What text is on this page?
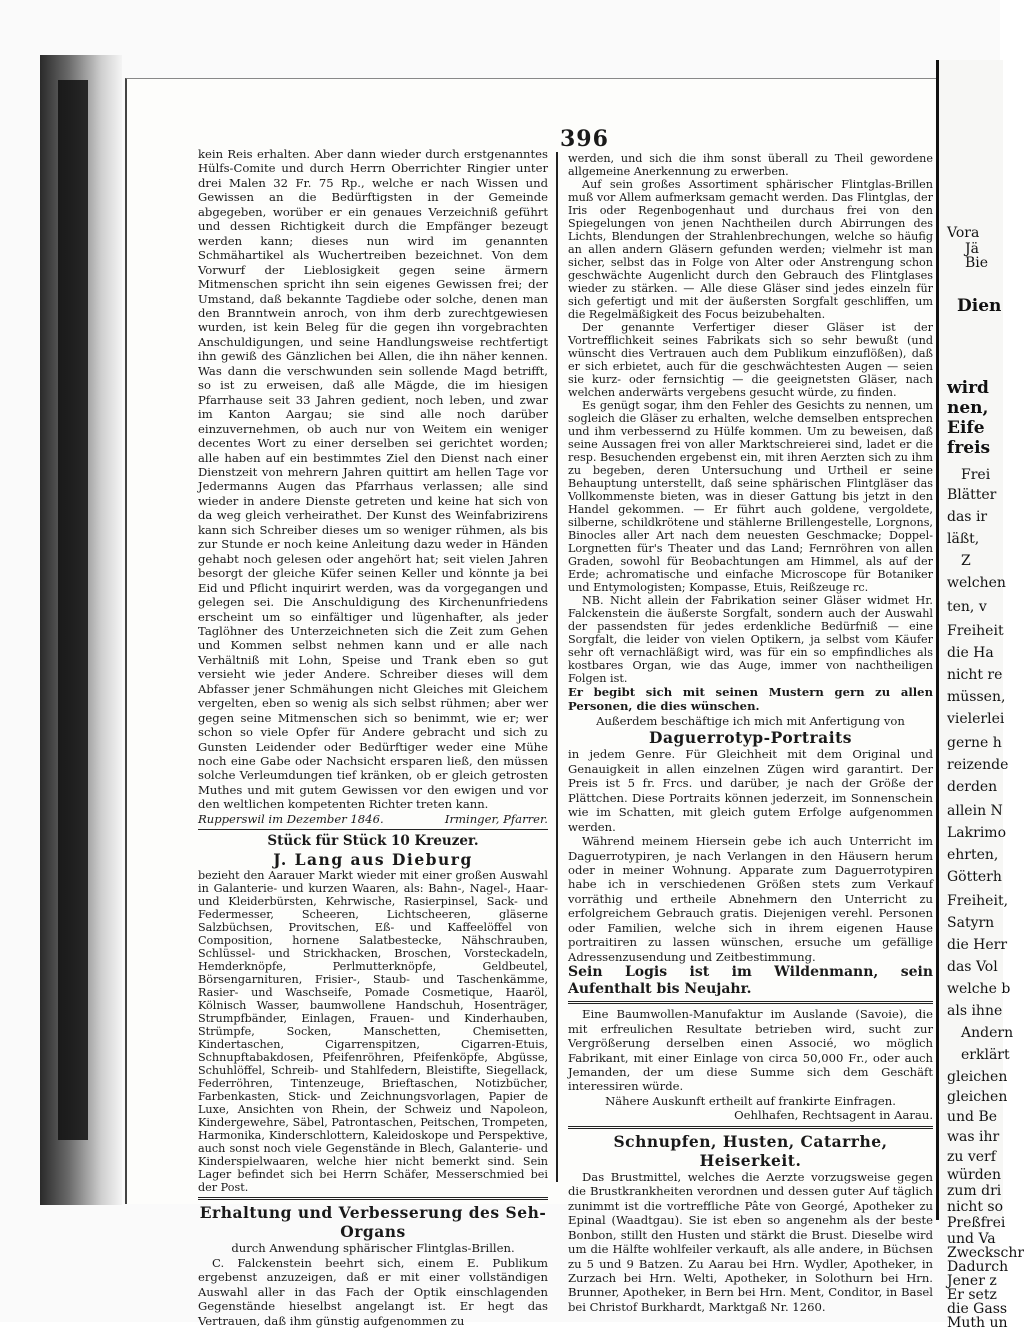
396

kein Reis erhalten. Aber dann wieder durch erstgenanntes Hülfs-Comite und durch Herrn Oberrichter Ringier unter drei Malen 32 Fr. 75 Rp., welche er nach Wissen und Gewissen an die Bedürftigsten in der Gemeinde abgegeben, worüber er ein genaues Verzeichniß geführt und dessen Richtigkeit durch die Empfänger bezeugt werden kann; dieses nun wird im genannten Schmähartikel als Wuchertreiben bezeichnet. Von dem Vorwurf der Lieblosigkeit gegen seine ärmern Mitmenschen spricht ihn sein eigenes Gewissen frei; der Umstand, daß bekannte Tagdiebe oder solche, denen man den Branntwein anroch, von ihm derb zurechtgewiesen wurden, ist kein Beleg für die gegen ihn vorgebrachten Anschuldigungen, und seine Handlungsweise rechtfertigt ihn gewiß des Gänzlichen bei Allen, die ihn näher kennen. Was dann die verschwunden sein sollende Magd betrifft, so ist zu erweisen, daß alle Mägde, die im hiesigen Pfarrhause seit 33 Jahren gedient, noch leben, und zwar im Kanton Aargau; sie sind alle noch darüber einzuvernehmen, ob auch nur von Weitem ein weniger decentes Wort zu einer derselben sei gerichtet worden; alle haben auf ein bestimmtes Ziel den Dienst nach einer Dienstzeit von mehrern Jahren quittirt am hellen Tage vor Jedermanns Augen das Pfarrhaus verlassen; alle sind wieder in andere Dienste getreten und keine hat sich von da weg gleich verheirathet. Der Kunst des Weinfabrizirens kann sich Schreiber dieses um so weniger rühmen, als bis zur Stunde er noch keine Anleitung dazu weder in Händen gehabt noch gelesen oder angehört hat; seit vielen Jahren besorgt der gleiche Küfer seinen Keller und könnte ja bei Eid und Pflicht inquirirt werden, was da vorgegangen und gelegen sei. Die Anschuldigung des Kirchenunfriedens erscheint um so einfältiger und lügenhafter, als jeder Taglöhner des Unterzeichneten sich die Zeit zum Gehen und Kommen selbst nehmen kann und er alle nach Verhältniß mit Lohn, Speise und Trank eben so gut versieht wie jeder Andere. Schreiber dieses will dem Abfasser jener Schmähungen nicht Gleiches mit Gleichem vergelten, eben so wenig als sich selbst rühmen; aber wer gegen seine Mitmenschen sich so benimmt, wie er; wer schon so viele Opfer für Andere gebracht und sich zu Gunsten Leidender oder Bedürftiger weder eine Mühe noch eine Gabe oder Nachsicht ersparen ließ, den müssen solche Verleumdungen tief kränken, ob er gleich getrosten Muthes und mit gutem Gewissen vor den ewigen und vor den weltlichen kompetenten Richter treten kann.

Rupperswil im Dezember 1846.	Irminger, Pfarrer.
Stück für Stück 10 Kreuzer.
J. Lang aus Dieburg

bezieht den Aarauer Markt wieder mit einer großen Auswahl in Galanterie- und kurzen Waaren, als: Bahn-, Nagel-, Haar- und Kleiderbürsten, Kehrwische, Rasierpinsel, Sack- und Federmesser, Scheeren, Lichtscheeren, gläserne Salzbüchsen, Provitschen, Eß- und Kaffeelöffel von Composition, hornene Salatbestecke, Nähschrauben, Schlüssel- und Strickhacken, Broschen, Vorsteckadeln, Hemderknöpfe, Perlmutterknöpfe, Geldbeutel, Börsengarnituren, Frisier-, Staub- und Taschenkämme, Rasier- und Waschseife, Pomade Cosmetique, Haaröl, Kölnisch Wasser, baumwollene Handschuh, Hosenträger, Strumpfbänder, Einlagen, Frauen- und Kinderhauben, Strümpfe, Socken, Manschetten, Chemisetten, Kindertaschen, Cigarrenspitzen, Cigarren-Etuis, Schnupftabakdosen, Pfeifenröhren, Pfeifenköpfe, Abgüsse, Schuhlöffel, Schreib- und Stahlfedern, Bleistifte, Siegellack, Federröhren, Tintenzeuge, Brieftaschen, Notizbücher, Farbenkasten, Stick- und Zeichnungsvorlagen, Papier de Luxe, Ansichten von Rhein, der Schweiz und Napoleon, Kindergewehre, Säbel, Patrontaschen, Peitschen, Trompeten, Harmonika, Kinderschlottern, Kaleidoskope und Perspektive, auch sonst noch viele Gegenstände in Blech, Galanterie- und Kinderspielwaaren, welche hier nicht bemerkt sind. Sein Lager befindet sich bei Herrn Schäfer, Messerschmied bei der Post.

Erhaltung und Verbesserung des Seh-Organs
durch Anwendung sphärischer Flintglas-Brillen.

C. Falckenstein beehrt sich, einem E. Publikum ergebenst anzuzeigen, daß er mit einer vollständigen Auswahl aller in das Fach der Optik einschlagenden Gegenstände hieselbst angelangt ist. Er hegt das Vertrauen, daß ihm günstig aufgenommen zu

werden, und sich die ihm sonst überall zu Theil gewordene allgemeine Anerkennung zu erwerben.

Auf sein großes Assortiment sphärischer Flintglas-Brillen muß vor Allem aufmerksam gemacht werden. Das Flintglas, der Iris oder Regenbogenhaut und durchaus frei von den Spiegelungen von jenen Nachtheilen durch Abirrungen des Lichts, Blendungen der Strahlenbrechungen, welche so häufig an allen andern Gläsern gefunden werden; vielmehr ist man sicher, selbst das in Folge von Alter oder Anstrengung schon geschwächte Augenlicht durch den Gebrauch des Flintglases wieder zu stärken. — Alle diese Gläser sind jedes einzeln für sich gefertigt und mit der äußersten Sorgfalt geschliffen, um die Regelmäßigkeit des Focus beizubehalten.

Der genannte Verfertiger dieser Gläser ist der Vortrefflichkeit seines Fabrikats sich so sehr bewußt (und wünscht dies Vertrauen auch dem Publikum einzuflößen), daß er sich erbietet, auch für die geschwächtesten Augen — seien sie kurz- oder fernsichtig — die geeignetsten Gläser, nach welchen anderwärts vergebens gesucht würde, zu finden.

Es genügt sogar, ihm den Fehler des Gesichts zu nennen, um sogleich die Gläser zu erhalten, welche demselben entsprechen und ihm verbessernd zu Hülfe kommen. Um zu beweisen, daß seine Aussagen frei von aller Marktschreierei sind, ladet er die resp. Besuchenden ergebenst ein, mit ihren Aerzten sich zu ihm zu begeben, deren Untersuchung und Urtheil er seine Behauptung unterstellt, daß seine sphärischen Flintgläser das Vollkommenste bieten, was in dieser Gattung bis jetzt in den Handel gekommen. — Er führt auch goldene, vergoldete, silberne, schildkrötene und stählerne Brillengestelle, Lorgnons, Binocles aller Art nach dem neuesten Geschmacke; Doppel-Lorgnetten für's Theater und das Land; Fernröhren von allen Graden, sowohl für Beobachtungen am Himmel, als auf der Erde; achromatische und einfache Microscope für Botaniker und Entymologisten; Kompasse, Etuis, Reißzeuge rc.

NB. Nicht allein der Fabrikation seiner Gläser widmet Hr. Falckenstein die äußerste Sorgfalt, sondern auch der Auswahl der passendsten für jedes erdenkliche Bedürfniß — eine Sorgfalt, die leider von vielen Optikern, ja selbst vom Käufer sehr oft vernachläßigt wird, was für ein so empfindliches als kostbares Organ, wie das Auge, immer von nachtheiligen Folgen ist.

Er begibt sich mit seinen Mustern gern zu allen Personen, die dies wünschen.

Außerdem beschäftige ich mich mit Anfertigung von

Daguerrotyp-Portraits

in jedem Genre. Für Gleichheit mit dem Original und Genauigkeit in allen einzelnen Zügen wird garantirt. Der Preis ist 5 fr. Frcs. und darüber, je nach der Größe der Plättchen. Diese Portraits können jederzeit, im Sonnenschein wie im Schatten, mit gleich gutem Erfolge aufgenommen werden.

Während meinem Hiersein gebe ich auch Unterricht im Daguerrotypiren, je nach Verlangen in den Häusern herum oder in meiner Wohnung. Apparate zum Daguerrotypiren habe ich in verschiedenen Größen stets zum Verkauf vorräthig und ertheile Abnehmern den Unterricht zu erfolgreichem Gebrauch gratis. Diejenigen verehl. Personen oder Familien, welche sich in ihrem eigenen Hause portraitiren zu lassen wünschen, ersuche um gefällige Adressenzusendung und Zeitbestimmung.

Sein Logis ist im Wildenmann, sein Aufenthalt bis Neujahr.

Eine Baumwollen-Manufaktur im Auslande (Savoie), die mit erfreulichen Resultate betrieben wird, sucht zur Vergrößerung derselben einen Associé, wo möglich Fabrikant, mit einer Einlage von circa 50,000 Fr., oder auch Jemanden, der um diese Summe sich dem Geschäft interessiren würde.

Nähere Auskunft ertheilt auf frankirte Einfragen.

Oehlhafen, Rechtsagent in Aarau.

Schnupfen, Husten, Catarrhe, Heiserkeit.

Das Brustmittel, welches die Aerzte vorzugsweise gegen die Brustkrankheiten verordnen und dessen guter Auf täglich zunimmt ist die vortreffliche Pâte von Georgé, Apotheker zu Epinal (Waadtgau). Sie ist eben so angenehm als der beste Bonbon, stillt den Husten und stärkt die Brust. Dieselbe wird um die Hälfte wohlfeiler verkauft, als alle andere, in Büchsen zu 5 und 9 Batzen. Zu Aarau bei Hrn. Wydler, Apotheker, in Zurzach bei Hrn. Welti, Apotheker, in Solothurn bei Hrn. Brunner, Apotheker, in Bern bei Hrn. Ment, Conditor, in Basel bei Christof Burkhardt, Marktgaß Nr. 1260.

Vora
Jä
Bie
Dien
wird
nen,
Eife
freis
Frei
Blätter
das ir
läßt,
Z
welchen
ten, v
Freiheit
die Ha
nicht re
müssen,
vielerlei
gerne h
reizende
derden
allein N
Lakrimo
ehrten,
Götterh
Freiheit,
Satyrn
die Herr
das Vol
welche b
als ihne
Andern
erklärt
gleichen
gleichen
und Be
was ihr
zu verf
würden
zum dri
nicht so
Preßfrei
und Va
Zweckschr
Dadurch
Jener z
Er setz
die Gass
Muth un
